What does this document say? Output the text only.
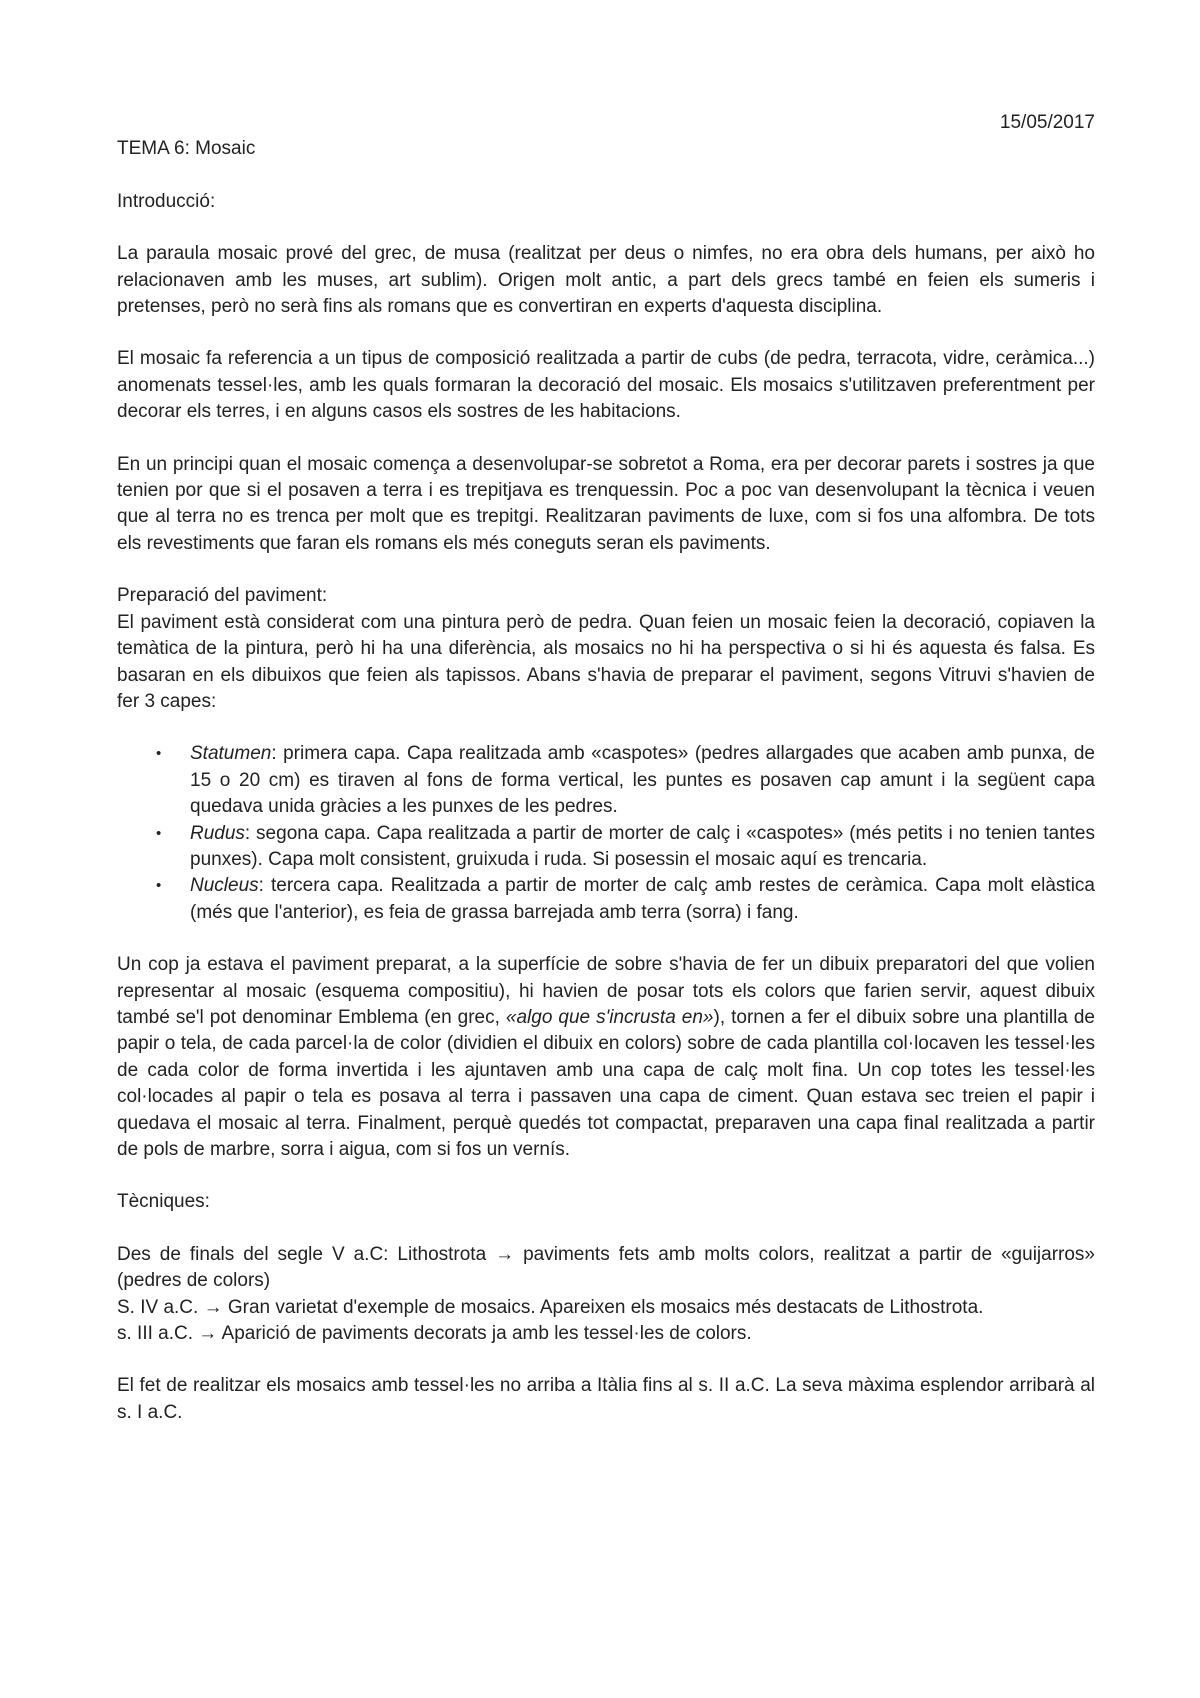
15/05/2017
TEMA 6: Mosaic
Introducció:

La paraula mosaic prové del grec, de musa (realitzat per deus o nimfes, no era obra dels humans, per això ho relacionaven amb les muses, art sublim). Origen molt antic, a part dels grecs també en feien els sumeris i pretenses, però no serà fins als romans que es convertiran en experts d'aquesta disciplina.

El mosaic fa referencia a un tipus de composició realitzada a partir de cubs (de pedra, terracota, vidre, ceràmica...) anomenats tessel·les, amb les quals formaran la decoració del mosaic. Els mosaics s'utilitzaven preferentment per decorar els terres, i en alguns casos els sostres de les habitacions.

En un principi quan el mosaic comença a desenvolupar-se sobretot a Roma, era per decorar parets i sostres ja que tenien por que si el posaven a terra i es trepitjava es trenquessin. Poc a poc van desenvolupant la tècnica i veuen que al terra no es trenca per molt que es trepitgi. Realitzaran paviments de luxe, com si fos una alfombra. De tots els revestiments que faran els romans els més coneguts seran els paviments.

Preparació del paviment:

El paviment està considerat com una pintura però de pedra. Quan feien un mosaic feien la decoració, copiaven la temàtica de la pintura, però hi ha una diferència, als mosaics no hi ha perspectiva o si hi és aquesta és falsa. Es basaran en els dibuixos que feien als tapissos. Abans s'havia de preparar el paviment, segons Vitruvi s'havien de fer 3 capes:

• Statumen: primera capa. Capa realitzada amb «caspotes» (pedres allargades que acaben amb punxa, de 15 o 20 cm) es tiraven al fons de forma vertical, les puntes es posaven cap amunt i la següent capa quedava unida gràcies a les punxes de les pedres.
• Rudus: segona capa. Capa realitzada a partir de morter de calç i «caspotes» (més petits i no tenien tantes punxes). Capa molt consistent, gruixuda i ruda. Si posessin el mosaic aquí es trencaria.
• Nucleus: tercera capa. Realitzada a partir de morter de calç amb restes de ceràmica. Capa molt elàstica (més que l'anterior), es feia de grassa barrejada amb terra (sorra) i fang.

Un cop ja estava el paviment preparat, a la superfície de sobre s'havia de fer un dibuix preparatori del que volien representar al mosaic (esquema compositiu), hi havien de posar tots els colors que farien servir, aquest dibuix també se'l pot denominar Emblema (en grec, «algo que s'incrusta en»), tornen a fer el dibuix sobre una plantilla de papir o tela, de cada parcel·la de color (dividien el dibuix en colors) sobre de cada plantilla col·locaven les tessel·les de cada color de forma invertida i les ajuntaven amb una capa de calç molt fina. Un cop totes les tessel·les col·locades al papir o tela es posava al terra i passaven una capa de ciment. Quan estava sec treien el papir i quedava el mosaic al terra. Finalment, perquè quedés tot compactat, preparaven una capa final realitzada a partir de pols de marbre, sorra i aigua, com si fos un vernís.

Tècniques:

Des de finals del segle V a.C: Lithostrota → paviments fets amb molts colors, realitzat a partir de «guijarros» (pedres de colors)
S. IV a.C. → Gran varietat d'exemple de mosaics. Apareixen els mosaics més destacats de Lithostrota.
s. III a.C. → Aparició de paviments decorats ja amb les tessel·les de colors.

El fet de realitzar els mosaics amb tessel·les no arriba a Itàlia fins al s. II a.C. La seva màxima esplendor arribarà al s. I a.C.
